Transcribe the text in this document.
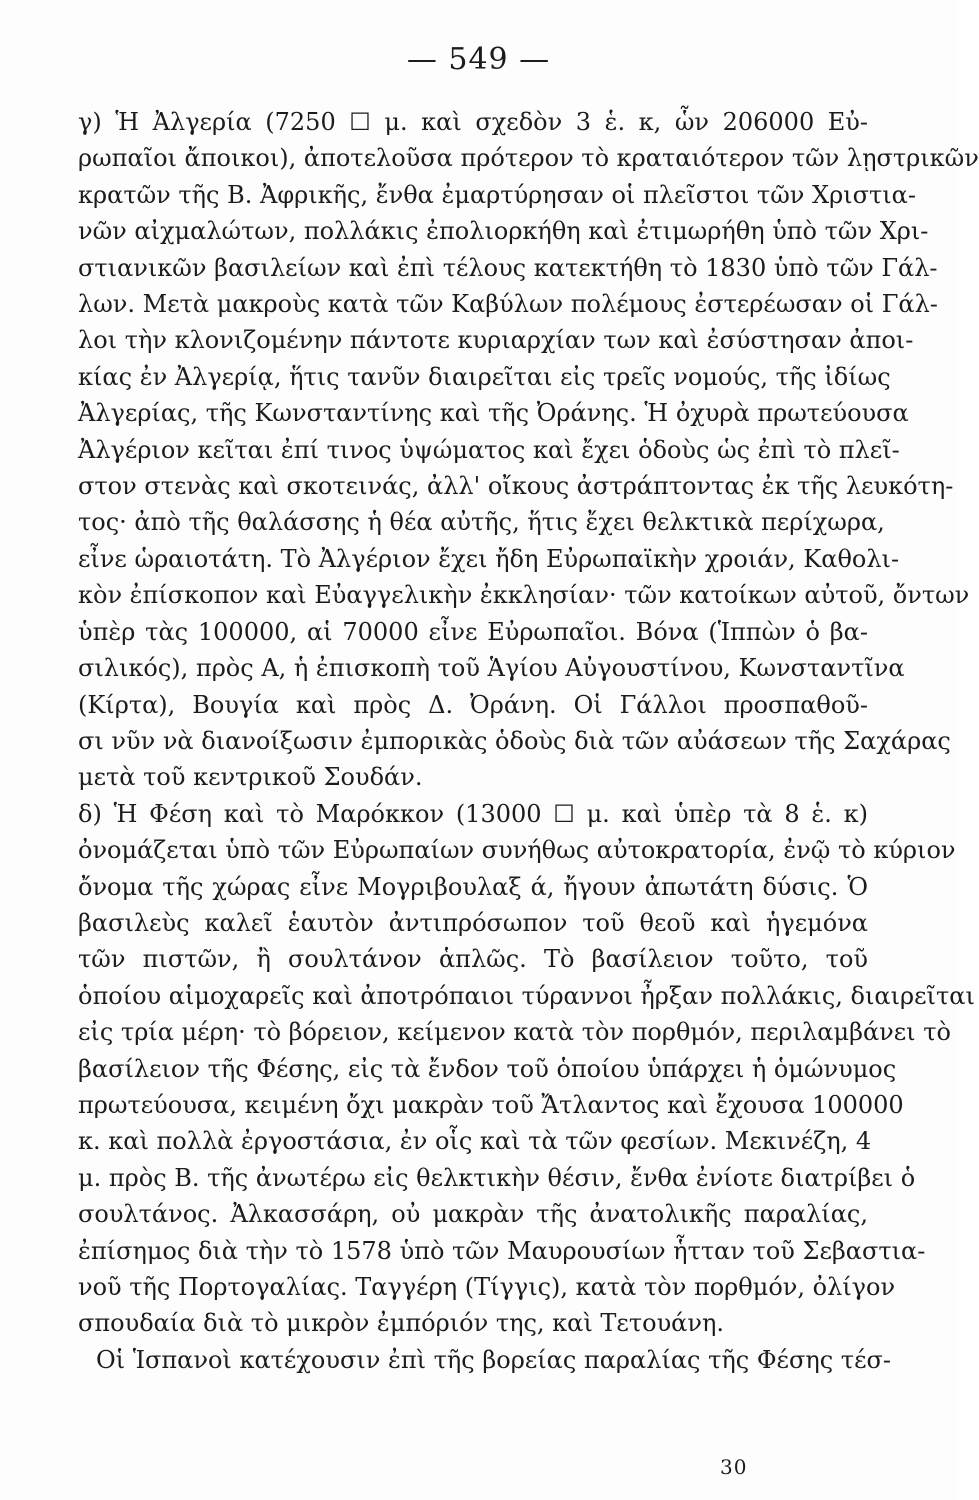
— 549 —
γ) Ἡ Ἀλγερία (7250 ☐ μ. καὶ σχεδὸν 3 ἑ. κ, ὧν 206000 Εὐ-
ρωπαῖοι ἄποικοι), ἀποτελοῦσα πρότερον τὸ κραταιότερον τῶν λῃστρικῶν
κρατῶν τῆς Β. Ἀφρικῆς, ἔνθα ἐμαρτύρησαν οἱ πλεῖστοι τῶν Χριστια-
νῶν αἰχμαλώτων, πολλάκις ἐπολιορκήθη καὶ ἐτιμωρήθη ὑπὸ τῶν Χρι-
στιανικῶν βασιλείων καὶ ἐπὶ τέλους κατεκτήθη τὸ 1830 ὑπὸ τῶν Γάλ-
λων. Μετὰ μακροὺς κατὰ τῶν Καβύλων πολέμους ἐστερέωσαν οἱ Γάλ-
λοι τὴν κλονιζομένην πάντοτε κυριαρχίαν των καὶ ἐσύστησαν ἀποι-
κίας ἐν Ἀλγερίᾳ, ἥτις τανῦν διαιρεῖται εἰς τρεῖς νομούς, τῆς ἰδίως
Ἀλγερίας, τῆς Κωνσταντίνης καὶ τῆς Ὀράνης. Ἡ ὀχυρὰ πρωτεύουσα
Ἀλγέριον κεῖται ἐπί τινος ὑψώματος καὶ ἔχει ὁδοὺς ὡς ἐπὶ τὸ πλεῖ-
στον στενὰς καὶ σκοτεινάς, ἀλλ' οἴκους ἀστράπτοντας ἐκ τῆς λευκότη-
τος· ἀπὸ τῆς θαλάσσης ἡ θέα αὐτῆς, ἥτις ἔχει θελκτικὰ περίχωρα,
εἶνε ὡραιοτάτη. Τὸ Ἀλγέριον ἔχει ἤδη Εὐρωπαϊκὴν χροιάν, Καθολι-
κὸν ἐπίσκοπον καὶ Εὐαγγελικὴν ἐκκλησίαν· τῶν κατοίκων αὐτοῦ, ὄντων
ὑπὲρ τὰς 100000, αἱ 70000 εἶνε Εὐρωπαῖοι. Βόνα (Ἱππὼν ὁ βα-
σιλικός), πρὸς Α, ἡ ἐπισκοπὴ τοῦ Ἁγίου Αὐγουστίνου, Κωνσταντῖνα
(Κίρτα), Βουγία καὶ πρὸς Δ. Ὀράνη. Οἱ Γάλλοι προσπαθοῦ-
σι νῦν νὰ διανοίξωσιν ἐμπορικὰς ὁδοὺς διὰ τῶν αὐάσεων τῆς Σαχάρας
μετὰ τοῦ κεντρικοῦ Σουδάν.
δ) Ἡ Φέση καὶ τὸ Μαρόκκον (13000 ☐ μ. καὶ ὑπὲρ τὰ 8 ἑ. κ)
ὀνομάζεται ὑπὸ τῶν Εὐρωπαίων συνήθως αὐτοκρατορία, ἐνῷ τὸ κύριον
ὄνομα τῆς χώρας εἶνε Μογριβουλαξ ά, ἤγουν ἀπωτάτη δύσις. Ὁ
βασιλεὺς καλεῖ ἑαυτὸν ἀντιπρόσωπον τοῦ θεοῦ καὶ ἡγεμόνα
τῶν πιστῶν, ἢ σουλτάνον ἁπλῶς. Τὸ βασίλειον τοῦτο, τοῦ
ὁποίου αἱμοχαρεῖς καὶ ἀποτρόπαιοι τύραννοι ἦρξαν πολλάκις, διαιρεῖται
εἰς τρία μέρη· τὸ βόρειον, κείμενον κατὰ τὸν πορθμόν, περιλαμβάνει τὸ
βασίλειον τῆς Φέσης, εἰς τὰ ἔνδον τοῦ ὁποίου ὑπάρχει ἡ ὁμώνυμος
πρωτεύουσα, κειμένη ὄχι μακρὰν τοῦ Ἄτλαντος καὶ ἔχουσα 100000
κ. καὶ πολλὰ ἐργοστάσια, ἐν οἷς καὶ τὰ τῶν φεσίων. Μεκινέζη, 4
μ. πρὸς Β. τῆς ἀνωτέρω εἰς θελκτικὴν θέσιν, ἔνθα ἐνίοτε διατρίβει ὁ
σουλτάνος. Ἀλκασσάρη, οὐ μακρὰν τῆς ἀνατολικῆς παραλίας,
ἐπίσημος διὰ τὴν τὸ 1578 ὑπὸ τῶν Μαυρουσίων ἧτταν τοῦ Σεβαστια-
νοῦ τῆς Πορτογαλίας. Ταγγέρη (Τίγγις), κατὰ τὸν πορθμόν, ὀλίγον
σπουδαία διὰ τὸ μικρὸν ἐμπόριόν της, καὶ Τετουάνη.
Οἱ Ἱσπανοὶ κατέχουσιν ἐπὶ τῆς βορείας παραλίας τῆς Φέσης τέσ-
30
